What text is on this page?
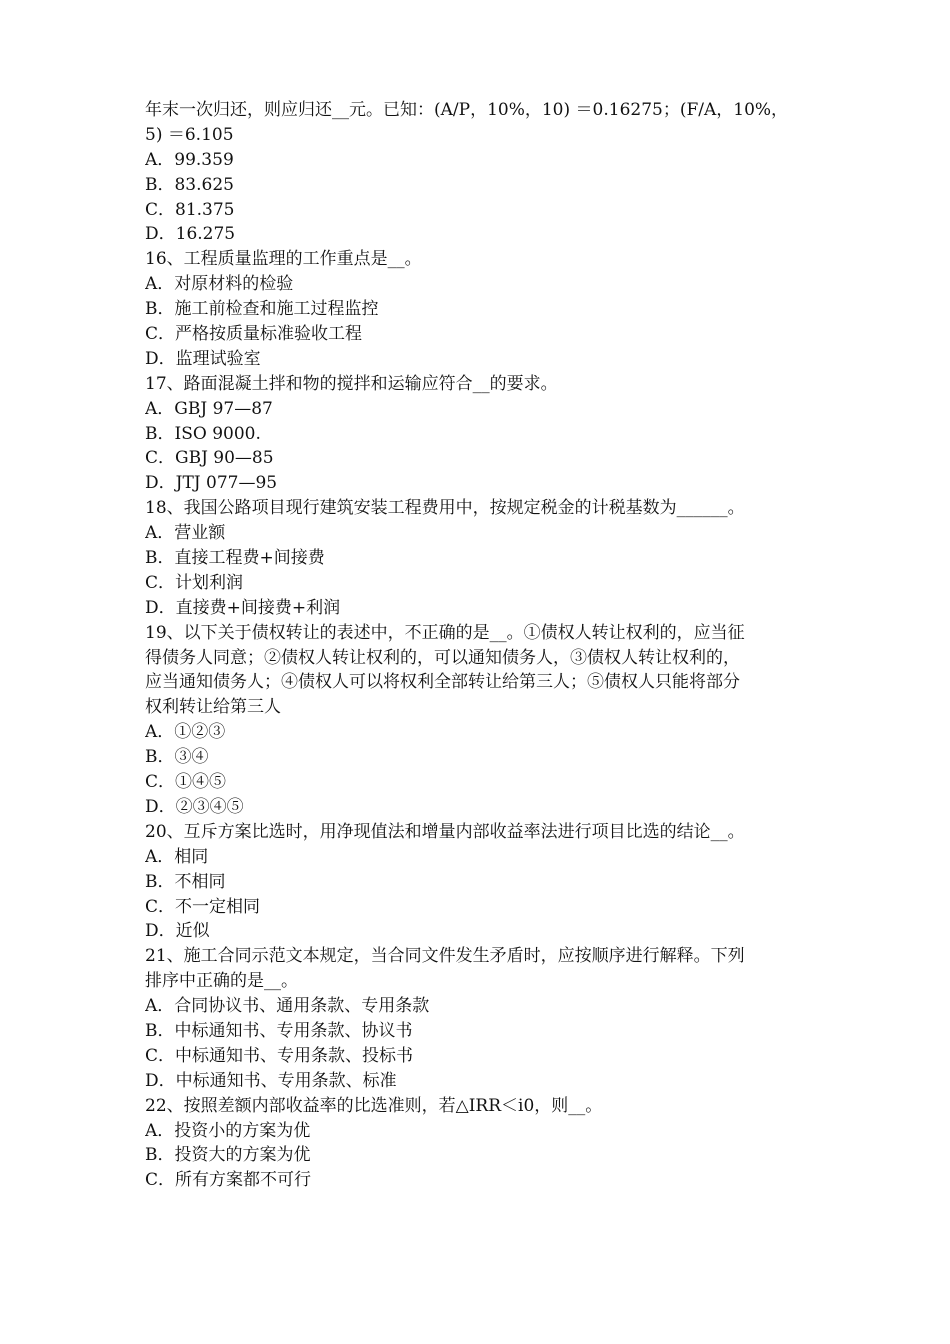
年末一次归还，则应归还__元。已知：(A/P，10%，10) ＝0.16275；(F/A，10%，
5) ＝6.105
A．99.359
B．83.625
C．81.375
D．16.275
16、工程质量监理的工作重点是__。
A．对原材料的检验
B．施工前检查和施工过程监控
C．严格按质量标准验收工程
D．监理试验室
17、路面混凝土拌和物的搅拌和运输应符合__的要求。
A．GBJ 97—87
B．ISO 9000.
C．GBJ 90—85
D．JTJ 077—95
18、我国公路项目现行建筑安装工程费用中，按规定税金的计税基数为______。
A．营业额
B．直接工程费+间接费
C．计划利润
D．直接费+间接费+利润
19、以下关于债权转让的表述中，不正确的是__。①债权人转让权利的，应当征
得债务人同意；②债权人转让权利的，可以通知债务人，③债权人转让权利的，
应当通知债务人；④债权人可以将权利全部转让给第三人；⑤债权人只能将部分
权利转让给第三人
A．①②③
B．③④
C．①④⑤
D．②③④⑤
20、互斥方案比选时，用净现值法和增量内部收益率法进行项目比选的结论__。
A．相同
B．不相同
C．不一定相同
D．近似
21、施工合同示范文本规定，当合同文件发生矛盾时，应按顺序进行解释。下列
排序中正确的是__。
A．合同协议书、通用条款、专用条款
B．中标通知书、专用条款、协议书
C．中标通知书、专用条款、投标书
D．中标通知书、专用条款、标准
22、按照差额内部收益率的比选准则，若△IRR＜i0，则__。
A．投资小的方案为优
B．投资大的方案为优
C．所有方案都不可行
